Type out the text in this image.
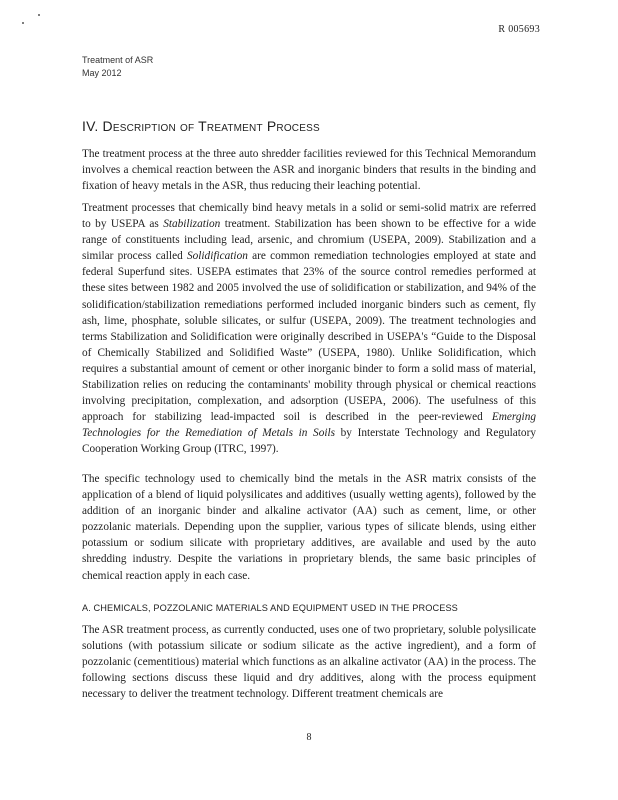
R 005693
Treatment of ASR
May 2012
IV. Description of Treatment Process
The treatment process at the three auto shredder facilities reviewed for this Technical Memorandum involves a chemical reaction between the ASR and inorganic binders that results in the binding and fixation of heavy metals in the ASR, thus reducing their leaching potential.
Treatment processes that chemically bind heavy metals in a solid or semi-solid matrix are referred to by USEPA as Stabilization treatment. Stabilization has been shown to be effective for a wide range of constituents including lead, arsenic, and chromium (USEPA, 2009). Stabilization and a similar process called Solidification are common remediation technologies employed at state and federal Superfund sites. USEPA estimates that 23% of the source control remedies performed at these sites between 1982 and 2005 involved the use of solidification or stabilization, and 94% of the solidification/stabilization remediations performed included inorganic binders such as cement, fly ash, lime, phosphate, soluble silicates, or sulfur (USEPA, 2009). The treatment technologies and terms Stabilization and Solidification were originally described in USEPA's “Guide to the Disposal of Chemically Stabilized and Solidified Waste” (USEPA, 1980). Unlike Solidification, which requires a substantial amount of cement or other inorganic binder to form a solid mass of material, Stabilization relies on reducing the contaminants' mobility through physical or chemical reactions involving precipitation, complexation, and adsorption (USEPA, 2006). The usefulness of this approach for stabilizing lead-impacted soil is described in the peer-reviewed Emerging Technologies for the Remediation of Metals in Soils by Interstate Technology and Regulatory Cooperation Working Group (ITRC, 1997).
The specific technology used to chemically bind the metals in the ASR matrix consists of the application of a blend of liquid polysilicates and additives (usually wetting agents), followed by the addition of an inorganic binder and alkaline activator (AA) such as cement, lime, or other pozzolanic materials. Depending upon the supplier, various types of silicate blends, using either potassium or sodium silicate with proprietary additives, are available and used by the auto shredding industry. Despite the variations in proprietary blends, the same basic principles of chemical reaction apply in each case.
A. CHEMICALS, POZZOLANIC MATERIALS AND EQUIPMENT USED IN THE PROCESS
The ASR treatment process, as currently conducted, uses one of two proprietary, soluble polysilicate solutions (with potassium silicate or sodium silicate as the active ingredient), and a form of pozzolanic (cementitious) material which functions as an alkaline activator (AA) in the process. The following sections discuss these liquid and dry additives, along with the process equipment necessary to deliver the treatment technology. Different treatment chemicals are
8
